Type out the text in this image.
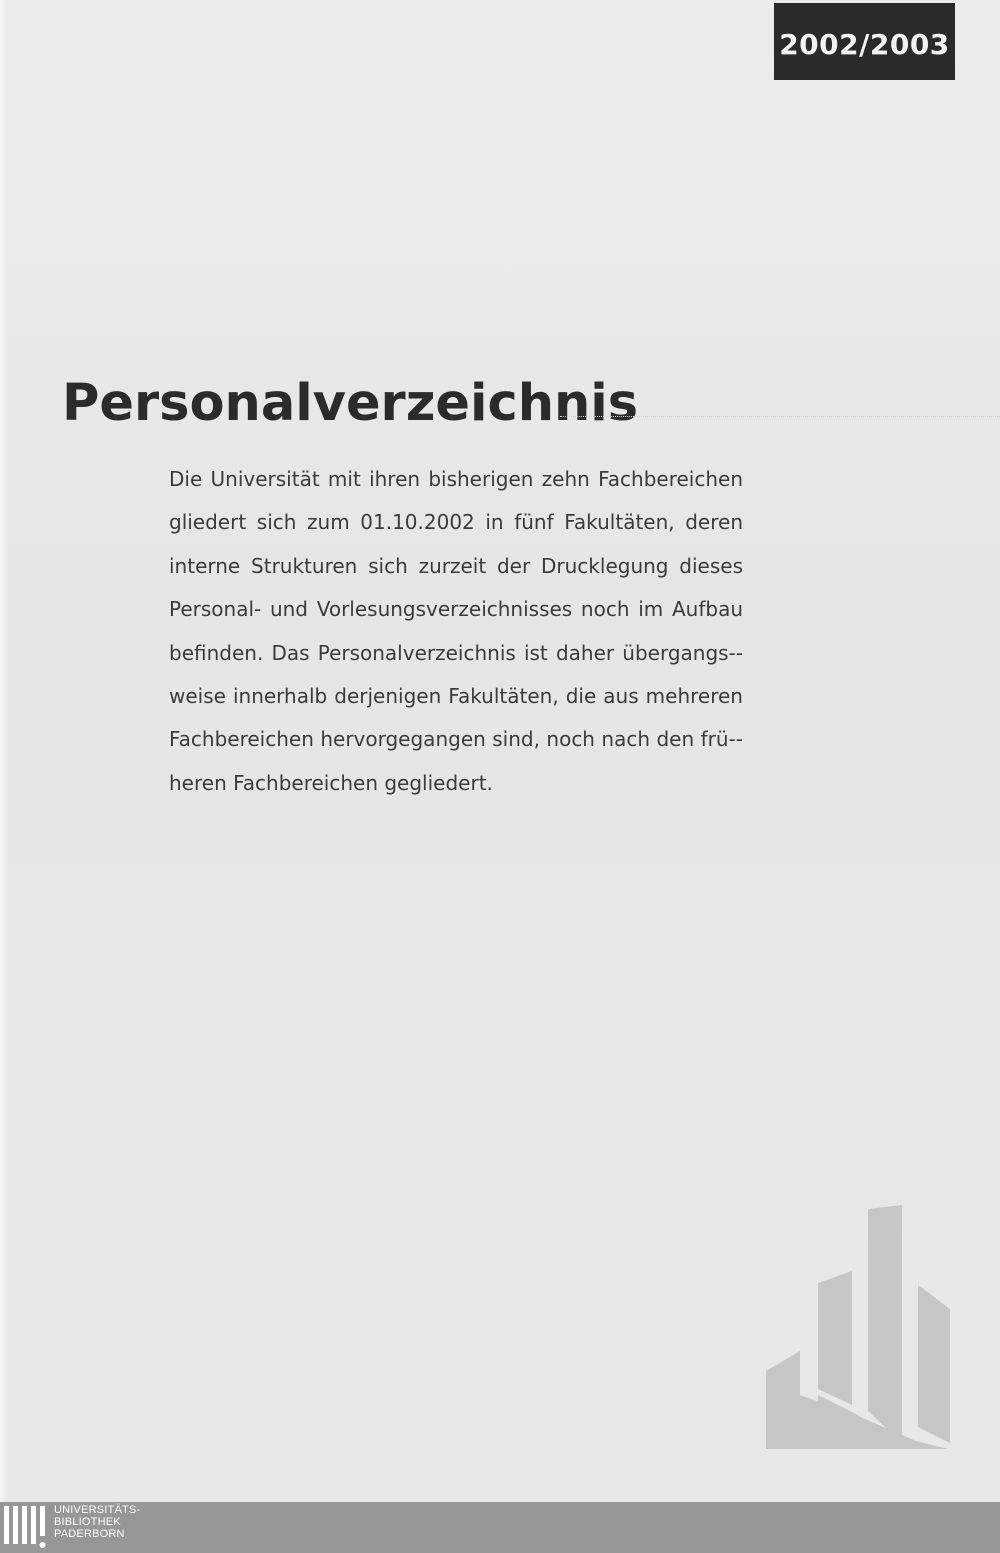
2002/2003
Personalverzeichnis

Die Universität mit ihren bisherigen zehn Fachbereichen gliedert sich zum 01.10.2002 in fünf Fakultäten, deren interne Strukturen sich zurzeit der Drucklegung dieses Personal- und Vorlesungsverzeichnisses noch im Aufbau befinden. Das Personalverzeichnis ist daher übergangs-weise innerhalb derjenigen Fakultäten, die aus mehreren Fachbereichen hervorgegangen sind, noch nach den frü-heren Fachbereichen gegliedert.

UNIVERSITÄTS-
BIBLIOTHEK
PADERBORN
